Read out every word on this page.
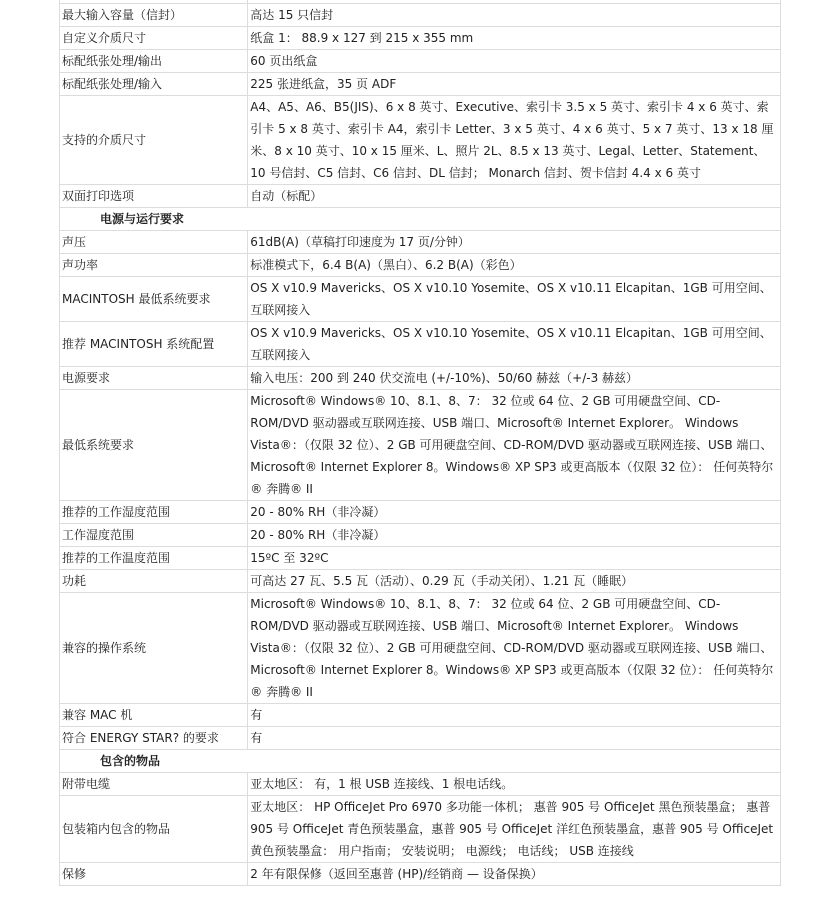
最大输入容量（信封）	高达 15 只信封
自定义介质尺寸	纸盒 1： 88.9 x 127 到 215 x 355 mm
标配纸张处理/输出	60 页出纸盒
标配纸张处理/输入	225 张进纸盒，35 页 ADF
支持的介质尺寸	A4、A5、A6、B5(JIS)、6 x 8 英寸、Executive、索引卡 3.5 x 5 英寸、索引卡 4 x 6 英寸、索引卡 5 x 8 英寸、索引卡 A4，索引卡 Letter、3 x 5 英寸、4 x 6 英寸、5 x 7 英寸、13 x 18 厘米、8 x 10 英寸、10 x 15 厘米、L、照片 2L、8.5 x 13 英寸、Legal、Letter、Statement、10 号信封、C5 信封、C6 信封、DL 信封； Monarch 信封、贺卡信封 4.4 x 6 英寸
双面打印选项	自动（标配）
电源与运行要求	
声压	61dB(A)（草稿打印速度为 17 页/分钟）
声功率	标准模式下，6.4 B(A)（黑白）、6.2 B(A)（彩色）
MACINTOSH 最低系统要求	OS X v10.9 Mavericks、OS X v10.10 Yosemite、OS X v10.11 Elcapitan、1GB 可用空间、互联网接入
推荐 MACINTOSH 系统配置	OS X v10.9 Mavericks、OS X v10.10 Yosemite、OS X v10.11 Elcapitan、1GB 可用空间、互联网接入
电源要求	输入电压：200 到 240 伏交流电 (+/-10%)、50/60 赫兹（+/-3 赫兹）
最低系统要求	Microsoft® Windows® 10、8.1、8、7： 32 位或 64 位、2 GB 可用硬盘空间、CD-ROM/DVD 驱动器或互联网连接、USB 端口、Microsoft® Internet Explorer。 Windows Vista®：（仅限 32 位）、2 GB 可用硬盘空间、CD-ROM/DVD 驱动器或互联网连接、USB 端口、Microsoft® Internet Explorer 8。Windows® XP SP3 或更高版本（仅限 32 位）： 任何英特尔® 奔腾® II
推荐的工作湿度范围	20 - 80% RH（非冷凝）
工作湿度范围	20 - 80% RH（非冷凝）
推荐的工作温度范围	15ºC 至 32ºC
功耗	可高达 27 瓦、5.5 瓦（活动）、0.29 瓦（手动关闭）、1.21 瓦（睡眠）
兼容的操作系统	Microsoft® Windows® 10、8.1、8、7： 32 位或 64 位、2 GB 可用硬盘空间、CD-ROM/DVD 驱动器或互联网连接、USB 端口、Microsoft® Internet Explorer。 Windows Vista®：（仅限 32 位）、2 GB 可用硬盘空间、CD-ROM/DVD 驱动器或互联网连接、USB 端口、Microsoft® Internet Explorer 8。Windows® XP SP3 或更高版本（仅限 32 位）： 任何英特尔® 奔腾® II
兼容 MAC 机	有
符合 ENERGY STAR? 的要求	有
包含的物品	
附带电缆	亚太地区： 有，1 根 USB 连接线、1 根电话线。
包装箱内包含的物品	亚太地区： HP OfficeJet Pro 6970 多功能一体机； 惠普 905 号 OfficeJet 黑色预装墨盒； 惠普 905 号 OfficeJet 青色预装墨盒，惠普 905 号 OfficeJet 洋红色预装墨盒，惠普 905 号 OfficeJet 黄色预装墨盒： 用户指南； 安装说明； 电源线； 电话线； USB 连接线
保修	2 年有限保修（返回至惠普 (HP)/经销商 — 设备保换）
